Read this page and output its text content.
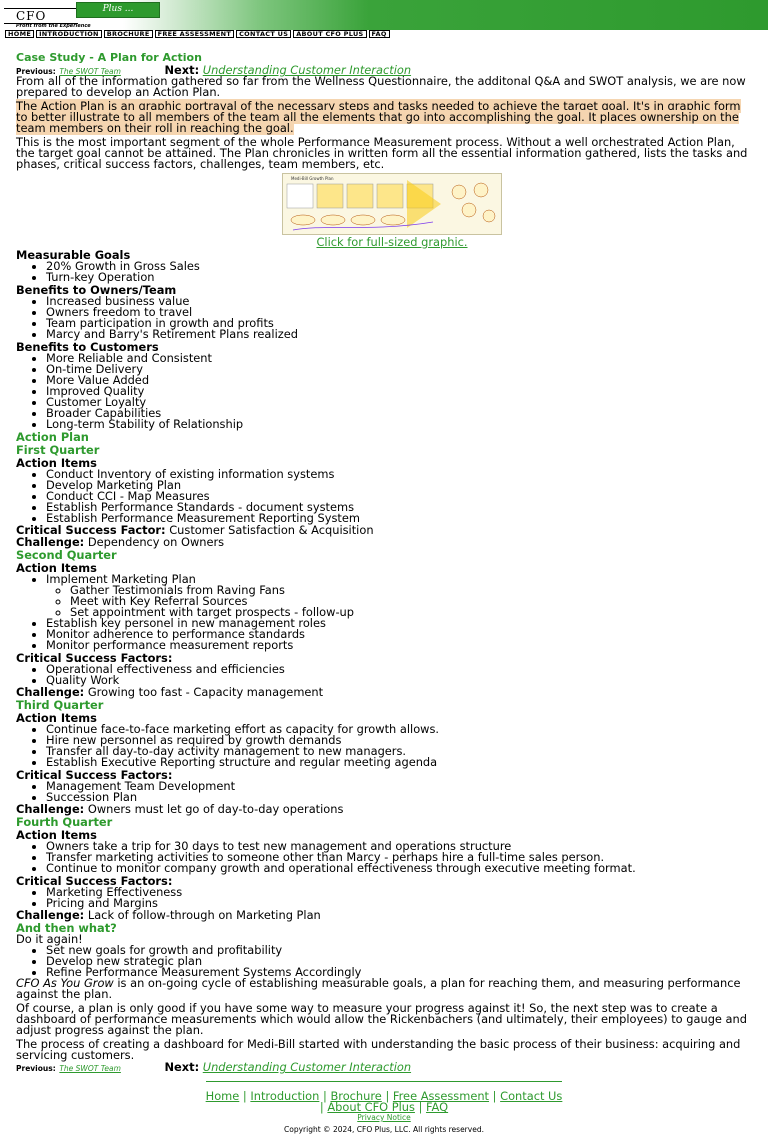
CFO	Plus ...
Profit from the Experience
HOME INTRODUCTION BROCHURE FREE ASSESSMENT CONTACT US ABOUT CFO PLUS FAQ
Case Study - A Plan for Action
Previous: The SWOT Team	Next: Understanding Customer Interaction

From all of the information gathered so far from the Wellness Questionnaire, the additonal Q&A and SWOT analysis, we are now prepared to develop an Action Plan.

The Action Plan is an graphic portrayal of the necessary steps and tasks needed to achieve the target goal. It's in graphic form to better illustrate to all members of the team all the elements that go into accomplishing the goal. It places ownership on the team members on their roll in reaching the goal.

This is the most important segment of the whole Performance Measurement process. Without a well orchestrated Action Plan, the target goal cannot be attained. The Plan chronicles in written form all the essential information gathered, lists the tasks and phases, critical success factors, challenges, team members, etc.

Medi-Bill Growth Plan
Click for full-sized graphic.
Measurable Goals
• 20% Growth in Gross Sales
• Turn-key Operation
Benefits to Owners/Team
• Increased business value
• Owners freedom to travel
• Team participation in growth and profits
• Marcy and Barry's Retirement Plans realized
Benefits to Customers
• More Reliable and Consistent
• On-time Delivery
• More Value Added
• Improved Quality
• Customer Loyalty
• Broader Capabilities
• Long-term Stability of Relationship
Action Plan
First Quarter
Action Items
• Conduct Inventory of existing information systems
• Develop Marketing Plan
• Conduct CCI - Map Measures
• Establish Performance Standards - document systems
• Establish Performance Measurement Reporting System
Critical Success Factor: Customer Satisfaction & Acquisition
Challenge: Dependency on Owners
Second Quarter
Action Items
• Implement Marketing Plan
◦ Gather Testimonials from Raving Fans
◦ Meet with Key Referral Sources
◦ Set appointment with target prospects - follow-up
• Establish key personel in new management roles
• Monitor adherence to performance standards
• Monitor performance measurement reports
Critical Success Factors:
• Operational effectiveness and efficiencies
• Quality Work
Challenge: Growing too fast - Capacity management
Third Quarter
Action Items
• Continue face-to-face marketing effort as capacity for growth allows.
• Hire new personnel as required by growth demands
• Transfer all day-to-day activity management to new managers.
• Establish Executive Reporting structure and regular meeting agenda
Critical Success Factors:
• Management Team Development
• Succession Plan
Challenge: Owners must let go of day-to-day operations
Fourth Quarter
Action Items
• Owners take a trip for 30 days to test new management and operations structure
• Transfer marketing activities to someone other than Marcy - perhaps hire a full-time sales person.
• Continue to monitor company growth and operational effectiveness through executive meeting format.
Critical Success Factors:
• Marketing Effectiveness
• Pricing and Margins
Challenge: Lack of follow-through on Marketing Plan
And then what?

Do it again!

• Set new goals for growth and profitability
• Develop new strategic plan
• Refine Performance Measurement Systems Accordingly

CFO As You Grow is an on-going cycle of establishing measurable goals, a plan for reaching them, and measuring performance against the plan.

Of course, a plan is only good if you have some way to measure your progress against it! So, the next step was to create a dashboard of performance measurements which would allow the Rickenbachers (and ultimately, their employees) to gauge and adjust progress against the plan.

The process of creating a dashboard for Medi-Bill started with understanding the basic process of their business: acquiring and servicing customers.

Previous: The SWOT Team	Next: Understanding Customer Interaction
Home | Introduction | Brochure | Free Assessment | Contact Us
| About CFO Plus | FAQ
Privacy Notice
Copyright © 2024, CFO Plus, LLC. All rights reserved.
